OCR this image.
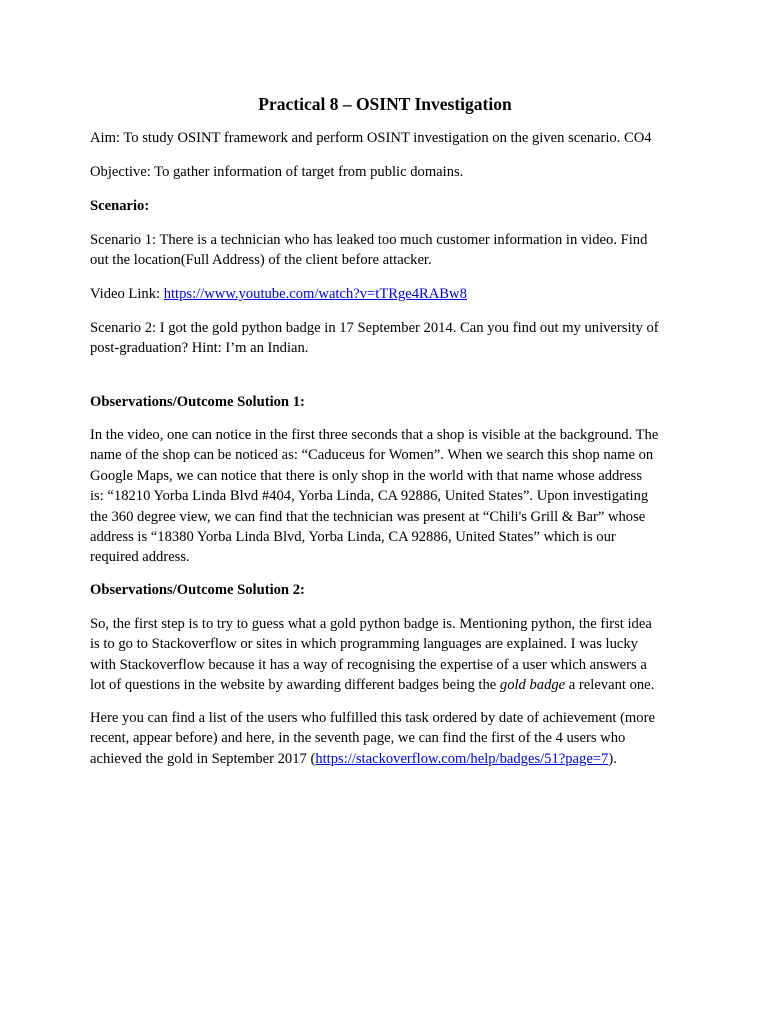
Practical 8 – OSINT Investigation

Aim: To study OSINT framework and perform OSINT investigation on the given scenario. CO4

Objective: To gather information of target from public domains.

Scenario:

Scenario 1: There is a technician who has leaked too much customer information in video. Find
out the location(Full Address) of the client before attacker.

Video Link: https://www.youtube.com/watch?v=tTRge4RABw8

Scenario 2: I got the gold python badge in 17 September 2014. Can you find out my university of
post-graduation? Hint: I’m an Indian.

Observations/Outcome Solution 1:

In the video, one can notice in the first three seconds that a shop is visible at the background. The
name of the shop can be noticed as: “Caduceus for Women”. When we search this shop name on
Google Maps, we can notice that there is only shop in the world with that name whose address
is: “18210 Yorba Linda Blvd #404, Yorba Linda, CA 92886, United States”. Upon investigating
the 360 degree view, we can find that the technician was present at “Chili's Grill & Bar” whose
address is “18380 Yorba Linda Blvd, Yorba Linda, CA 92886, United States” which is our
required address.

Observations/Outcome Solution 2:

So, the first step is to try to guess what a gold python badge is. Mentioning python, the first idea
is to go to Stackoverflow or sites in which programming languages are explained. I was lucky
with Stackoverflow because it has a way of recognising the expertise of a user which answers a
lot of questions in the website by awarding different badges being the gold badge a relevant one.

Here you can find a list of the users who fulfilled this task ordered by date of achievement (more
recent, appear before) and here, in the seventh page, we can find the first of the 4 users who
achieved the gold in September 2017 (https://stackoverflow.com/help/badges/51?page=7).
